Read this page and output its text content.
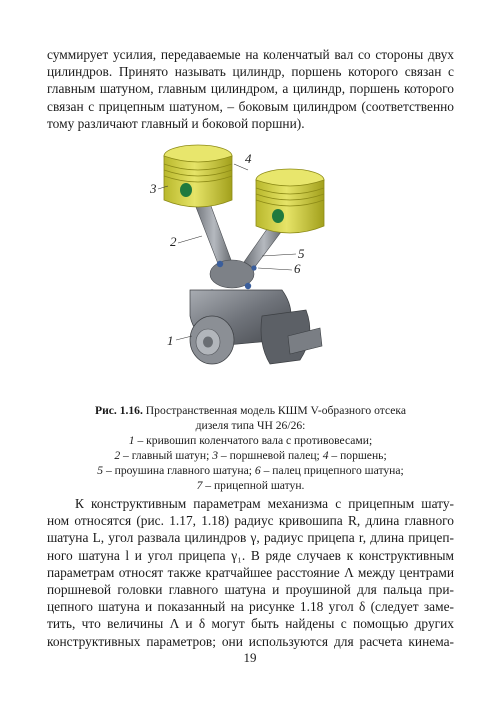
суммирует усилия, передаваемые на коленчатый вал со стороны двух
цилиндров. Принято называть цилиндр, поршень которого связан с
главным шатуном, главным цилиндром, а цилиндр, поршень которого
связан с прицепным шатуном, – боковым цилиндром (соответственно
тому различают главный и боковой поршни).

3
4
2
5
6
1
Рис. 1.16. Пространственная модель КШМ V-образного отсека
дизеля типа ЧН 26/26:
1 – кривошип коленчатого вала с противовесами;
2 – главный шатун; 3 – поршневой палец; 4 – поршень;
5 – проушина главного шатуна; 6 – палец прицепного шатуна;
7 – прицепной шатун.

К конструктивным параметрам механизма с прицепным шату-
ном относятся (рис. 1.17, 1.18) радиус кривошипа R, длина главного
шатуна L, угол развала цилиндров γ, радиус прицепа r, длина прицеп-
ного шатуна l и угол прицепа γ₁. В ряде случаев к конструктивным
параметрам относят также кратчайшее расстояние Λ между центрами
поршневой головки главного шатуна и проушиной для пальца при-
цепного шатуна и показанный на рисунке 1.18 угол δ (следует заме-
тить, что величины Λ и δ могут быть найдены с помощью других
конструктивных параметров; они используются для расчета кинема-

19
